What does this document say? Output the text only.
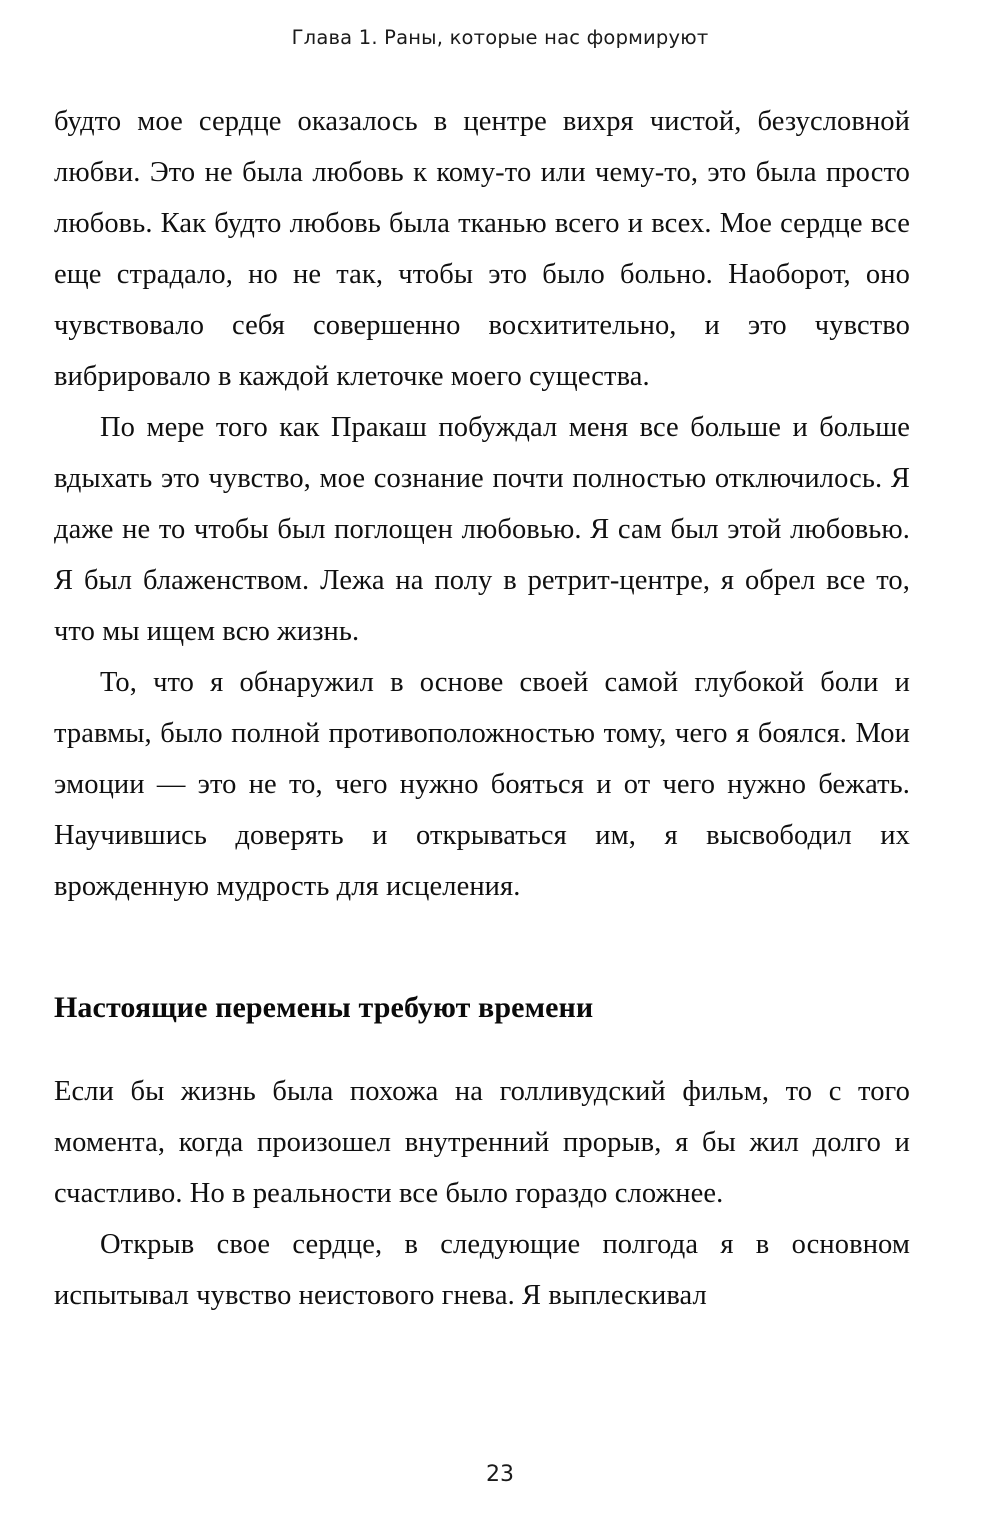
Глава 1. Раны, которые нас формируют

будто мое сердце оказалось в центре вихря чистой, безусловной любви. Это не была любовь к кому-то или чему-то, это была просто любовь. Как будто любовь была тканью всего и всех. Мое сердце все еще страдало, но не так, чтобы это было больно. Наоборот, оно чувствовало себя совершенно восхитительно, и это чувство вибрировало в каждой клеточке моего существа.

По мере того как Пракаш побуждал меня все больше и больше вдыхать это чувство, мое сознание почти полностью отключилось. Я даже не то чтобы был поглощен любовью. Я сам был этой любовью. Я был блаженством. Лежа на полу в ретрит-центре, я обрел все то, что мы ищем всю жизнь.

То, что я обнаружил в основе своей самой глубокой боли и травмы, было полной противоположностью тому, чего я боялся. Мои эмоции — это не то, чего нужно бояться и от чего нужно бежать. Научившись доверять и открываться им, я высвободил их врожденную мудрость для исцеления.

Настоящие перемены требуют времени

Если бы жизнь была похожа на голливудский фильм, то с того момента, когда произошел внутренний прорыв, я бы жил долго и счастливо. Но в реальности все было гораздо сложнее.

Открыв свое сердце, в следующие полгода я в основном испытывал чувство неистового гнева. Я выплескивал

23
